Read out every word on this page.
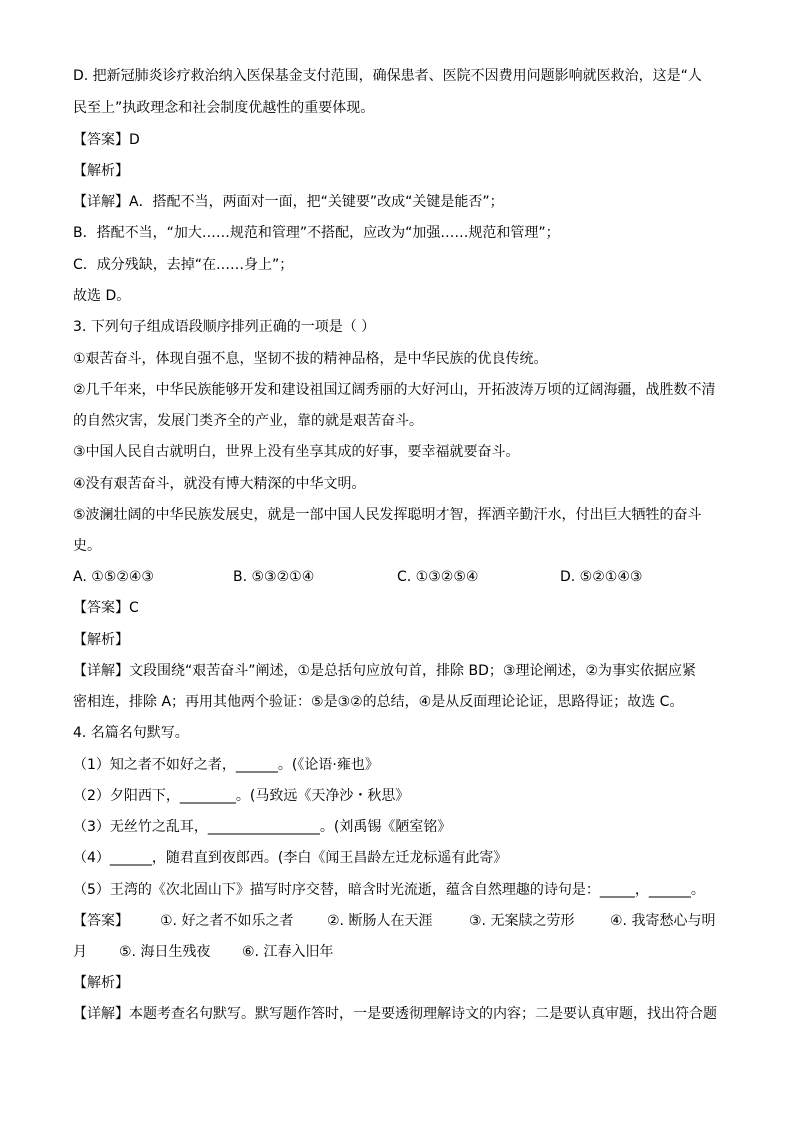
D. 把新冠肺炎诊疗救治纳入医保基金支付范围，确保患者、医院不因费用问题影响就医救治，这是“人
民至上”执政理念和社会制度优越性的重要体现。
【答案】D
【解析】
【详解】A．搭配不当，两面对一面，把“关键要”改成“关键是能否”；
B．搭配不当，“加大……规范和管理”不搭配，应改为“加强……规范和管理”；
C．成分残缺，去掉“在……身上”；
故选 D。
3. 下列句子组成语段顺序排列正确的一项是（ ）
①艰苦奋斗，体现自强不息，坚韧不拔的精神品格，是中华民族的优良传统。
②几千年来，中华民族能够开发和建设祖国辽阔秀丽的大好河山，开拓波涛万顷的辽阔海疆，战胜数不清
的自然灾害，发展门类齐全的产业，靠的就是艰苦奋斗。
③中国人民自古就明白，世界上没有坐享其成的好事，要幸福就要奋斗。
④没有艰苦奋斗，就没有博大精深的中华文明。
⑤波澜壮阔的中华民族发展史，就是一部中国人民发挥聪明才智，挥洒辛勤汗水，付出巨大牺牲的奋斗
史。
A. ①⑤②④③	B. ⑤③②①④	C. ①③②⑤④	D. ⑤②①④③
【答案】C
【解析】
【详解】文段围绕“艰苦奋斗”阐述，①是总括句应放句首，排除 BD；③理论阐述，②为事实依据应紧
密相连，排除 A；再用其他两个验证：⑤是③②的总结，④是从反面理论论证，思路得证；故选 C。
4. 名篇名句默写。
（1）知之者不如好之者，______。(《论语·雍也》
（2）夕阳西下，________。(马致远《天净沙・秋思》
（3）无丝竹之乱耳，________________。(刘禹锡《陋室铭》
（4）______，随君直到夜郎西。(李白《闻王昌龄左迁龙标遥有此寄》
（5）王湾的《次北固山下》描写时序交替，暗含时光流逝，蕴含自然理趣的诗句是：_____，______。
【答案】 ①. 好之者不如乐之者 ②. 断肠人在天涯	③. 无案牍之劳形	④. 我寄愁心与明
月 ⑤. 海日生残夜 ⑥. 江春入旧年
【解析】
【详解】本题考查名句默写。默写题作答时，一是要透彻理解诗文的内容；二是要认真审题，找出符合题
